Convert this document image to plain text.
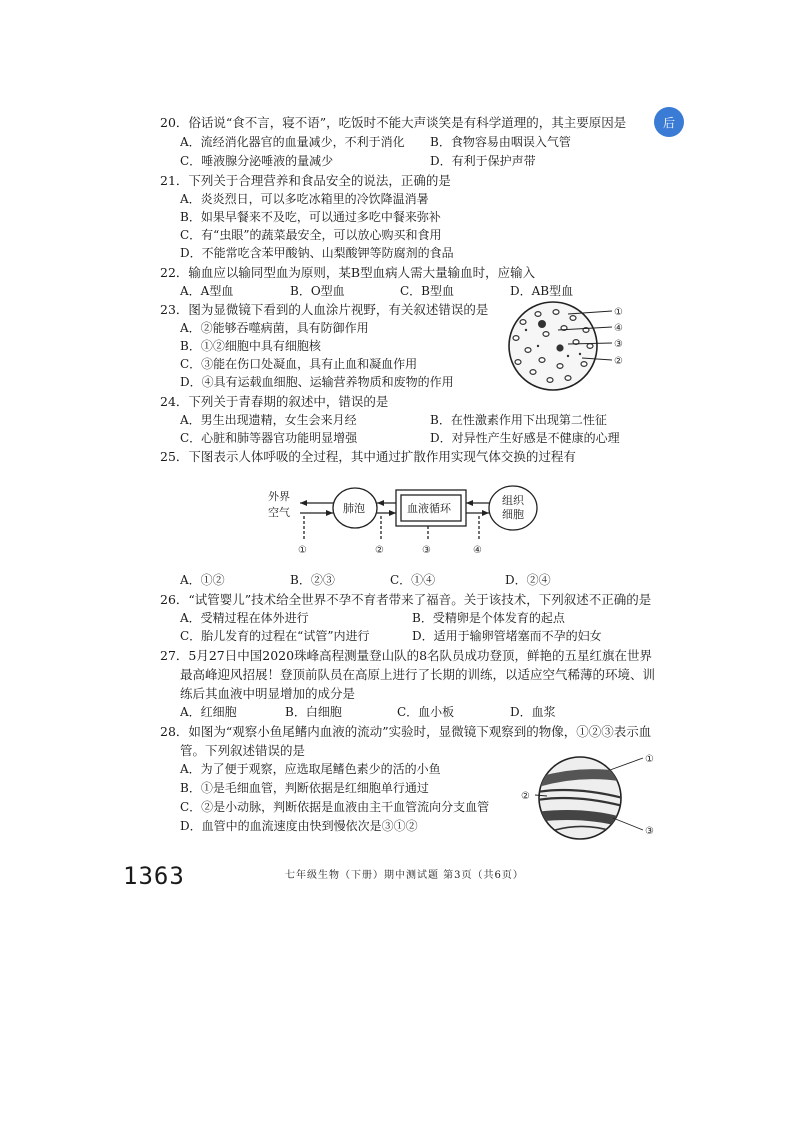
后
20．俗话说“食不言，寝不语”，吃饭时不能大声谈笑是有科学道理的，其主要原因是
A．流经消化器官的血量减少，不利于消化 B．食物容易由咽误入气管
C．唾液腺分泌唾液的量减少	D．有利于保护声带
21．下列关于合理营养和食品安全的说法，正确的是
A．炎炎烈日，可以多吃冰箱里的冷饮降温消暑
B．如果早餐来不及吃，可以通过多吃中餐来弥补
C．有“虫眼”的蔬菜最安全，可以放心购买和食用
D．不能常吃含苯甲酸钠、山梨酸钾等防腐剂的食品
22．输血应以输同型血为原则，某B型血病人需大量输血时，应输入
A．A型血	B．O型血	C．B型血	D．AB型血
23．图为显微镜下看到的人血涂片视野，有关叙述错误的是
A．②能够吞噬病菌，具有防御作用
B．①②细胞中具有细胞核
C．③能在伤口处凝血，具有止血和凝血作用
D．④具有运载血细胞、运输营养物质和废物的作用
①
④
③
②
24．下列关于青春期的叙述中，错误的是
A．男生出现遗精，女生会来月经	B．在性激素作用下出现第二性征
C．心脏和肺等器官功能明显增强	D．对异性产生好感是不健康的心理
25．下图表示人体呼吸的全过程，其中通过扩散作用实现气体交换的过程有
外界
空气	肺泡	血液循环
组织
细胞
①	②	③	④
A．①②	B．②③	C．①④	D．②④
26．“试管婴儿”技术给全世界不孕不育者带来了福音。关于该技术，下列叙述不正确的是
A．受精过程在体外进行	B．受精卵是个体发育的起点
C．胎儿发育的过程在“试管”内进行	D．适用于输卵管堵塞而不孕的妇女
27．5月27日中国2020珠峰高程测量登山队的8名队员成功登顶，鲜艳的五星红旗在世界
最高峰迎风招展！登顶前队员在高原上进行了长期的训练，以适应空气稀薄的环境、训
练后其血液中明显增加的成分是
A．红细胞	B．白细胞	C．血小板	D．血浆
28．如图为“观察小鱼尾鳍内血液的流动”实验时，显微镜下观察到的物像，①②③表示血
管。下列叙述错误的是
A．为了便于观察，应选取尾鳍色素少的活的小鱼
B．①是毛细血管，判断依据是红细胞单行通过
C．②是小动脉，判断依据是血液由主干血管流向分支血管
D．血管中的血流速度由快到慢依次是③①②
①
②
③
1363	七年级生物（下册）期中测试题 第3页（共6页）
